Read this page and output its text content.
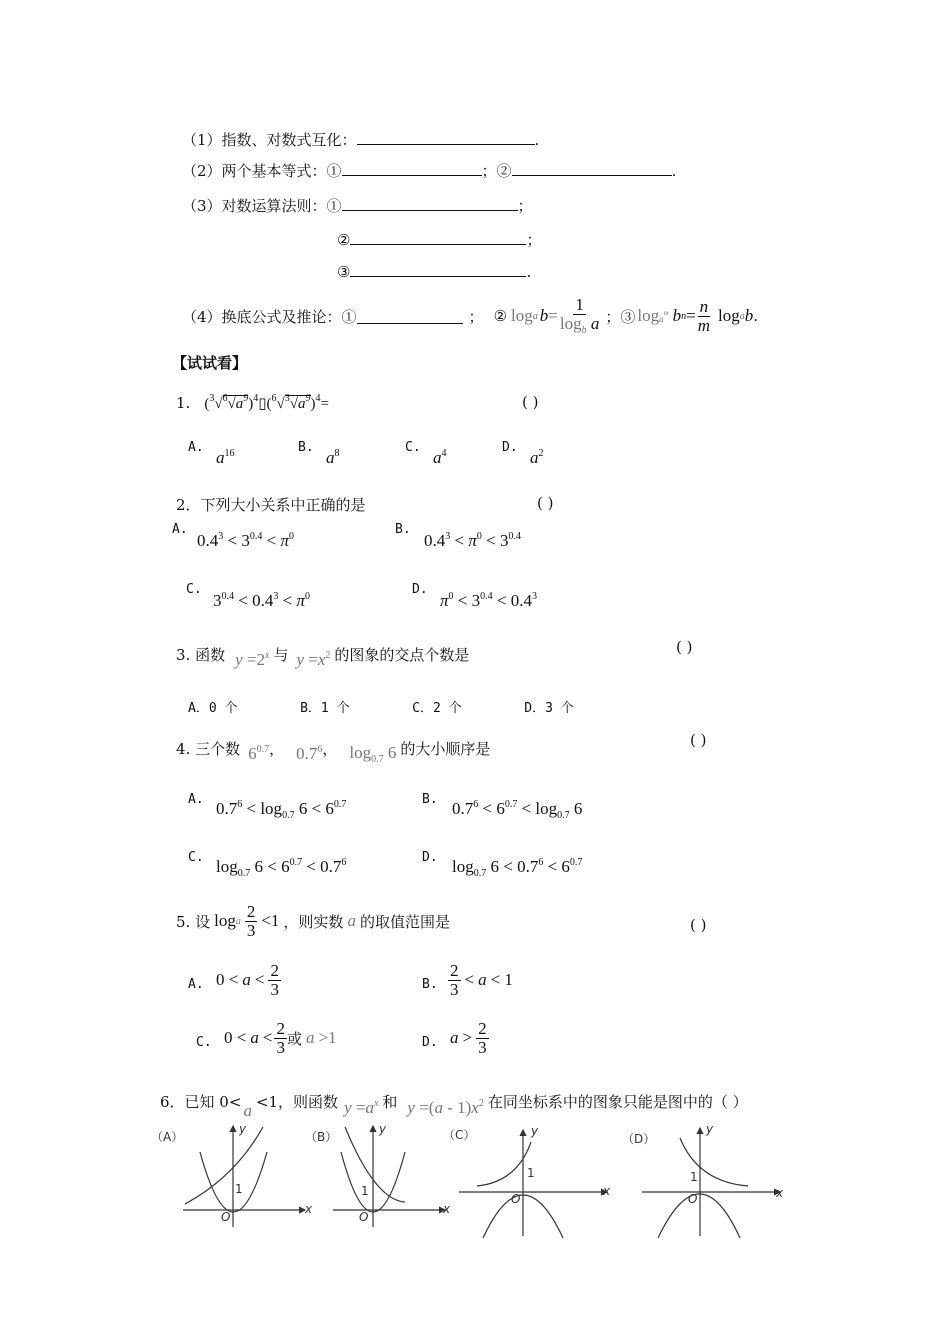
（1）指数、对数式互化：	.
（2）两个基本等式：①	；②	.
（3）对数运算法则：①	；
②	；
③	.
（4）换底公式及推论：①	； ② log a $b = \frac{1}{\log_b a}$ ；③ $\log a^m$ b $n = \frac{n}{m}$ log a b .
【试试看】
1. $(^3√^6√a^9)^4▯(^6√^3√a^9)^4=$	( )
A.
$a^{16}$	B.
$a^8$	C.
$a^4$	D.
$a^2$
2．下列大小关系中正确的是	( )
A.
$0.4^3 < 3^{0.4} < \pi^0$	B.
$0.4^3 < \pi^0 < 3^{0.4}$
C.
$3^{0.4} < 0.4^3 < \pi^0$	D.
$\pi^0 < 3^{0.4} < 0.4^3$
3. 函数 $y =2^x$ 与 $y =x^2$ 的图象的交点个数是	( )
A．0 个        B．1 个        C．2 个        D．3 个
4. 三个数 $6^{0.7}$ ， $0.7^6$ ， $\log_{0.7} 6$ 的大小顺序是	( )
A. $0.7^6 < \log_{0.7} 6 < 6^{0.7}$	B. $0.7^6 < 6^{0.7} < \log_{0.7} 6$
C. $\log_{0.7} 6 < 6^{0.7} < 0.7^6$	D. $\log_{0.7} 6 < 0.7^6 < 6^{0.7}$
5. 设 log a $\frac{2}{3} <1$ ，则实数 a 的取值范围是	( )
A. $0 < a < \frac{2}{3}$	B. $\frac{2}{3} < a < 1$
C. $0 < a < \frac{2}{3}$ 或 a >1	D. $a > \frac{2}{3}$
6．已知 0< a <1，则函数 $y =a^x$ 和 $y =(a - 1)x^2$ 在同坐标系中的图象只能是图中的（ ）
（A）
y
x
O
1
（B）
y
x
O
1
（C）	y
x
O
1
（D）
y
x
O
1
